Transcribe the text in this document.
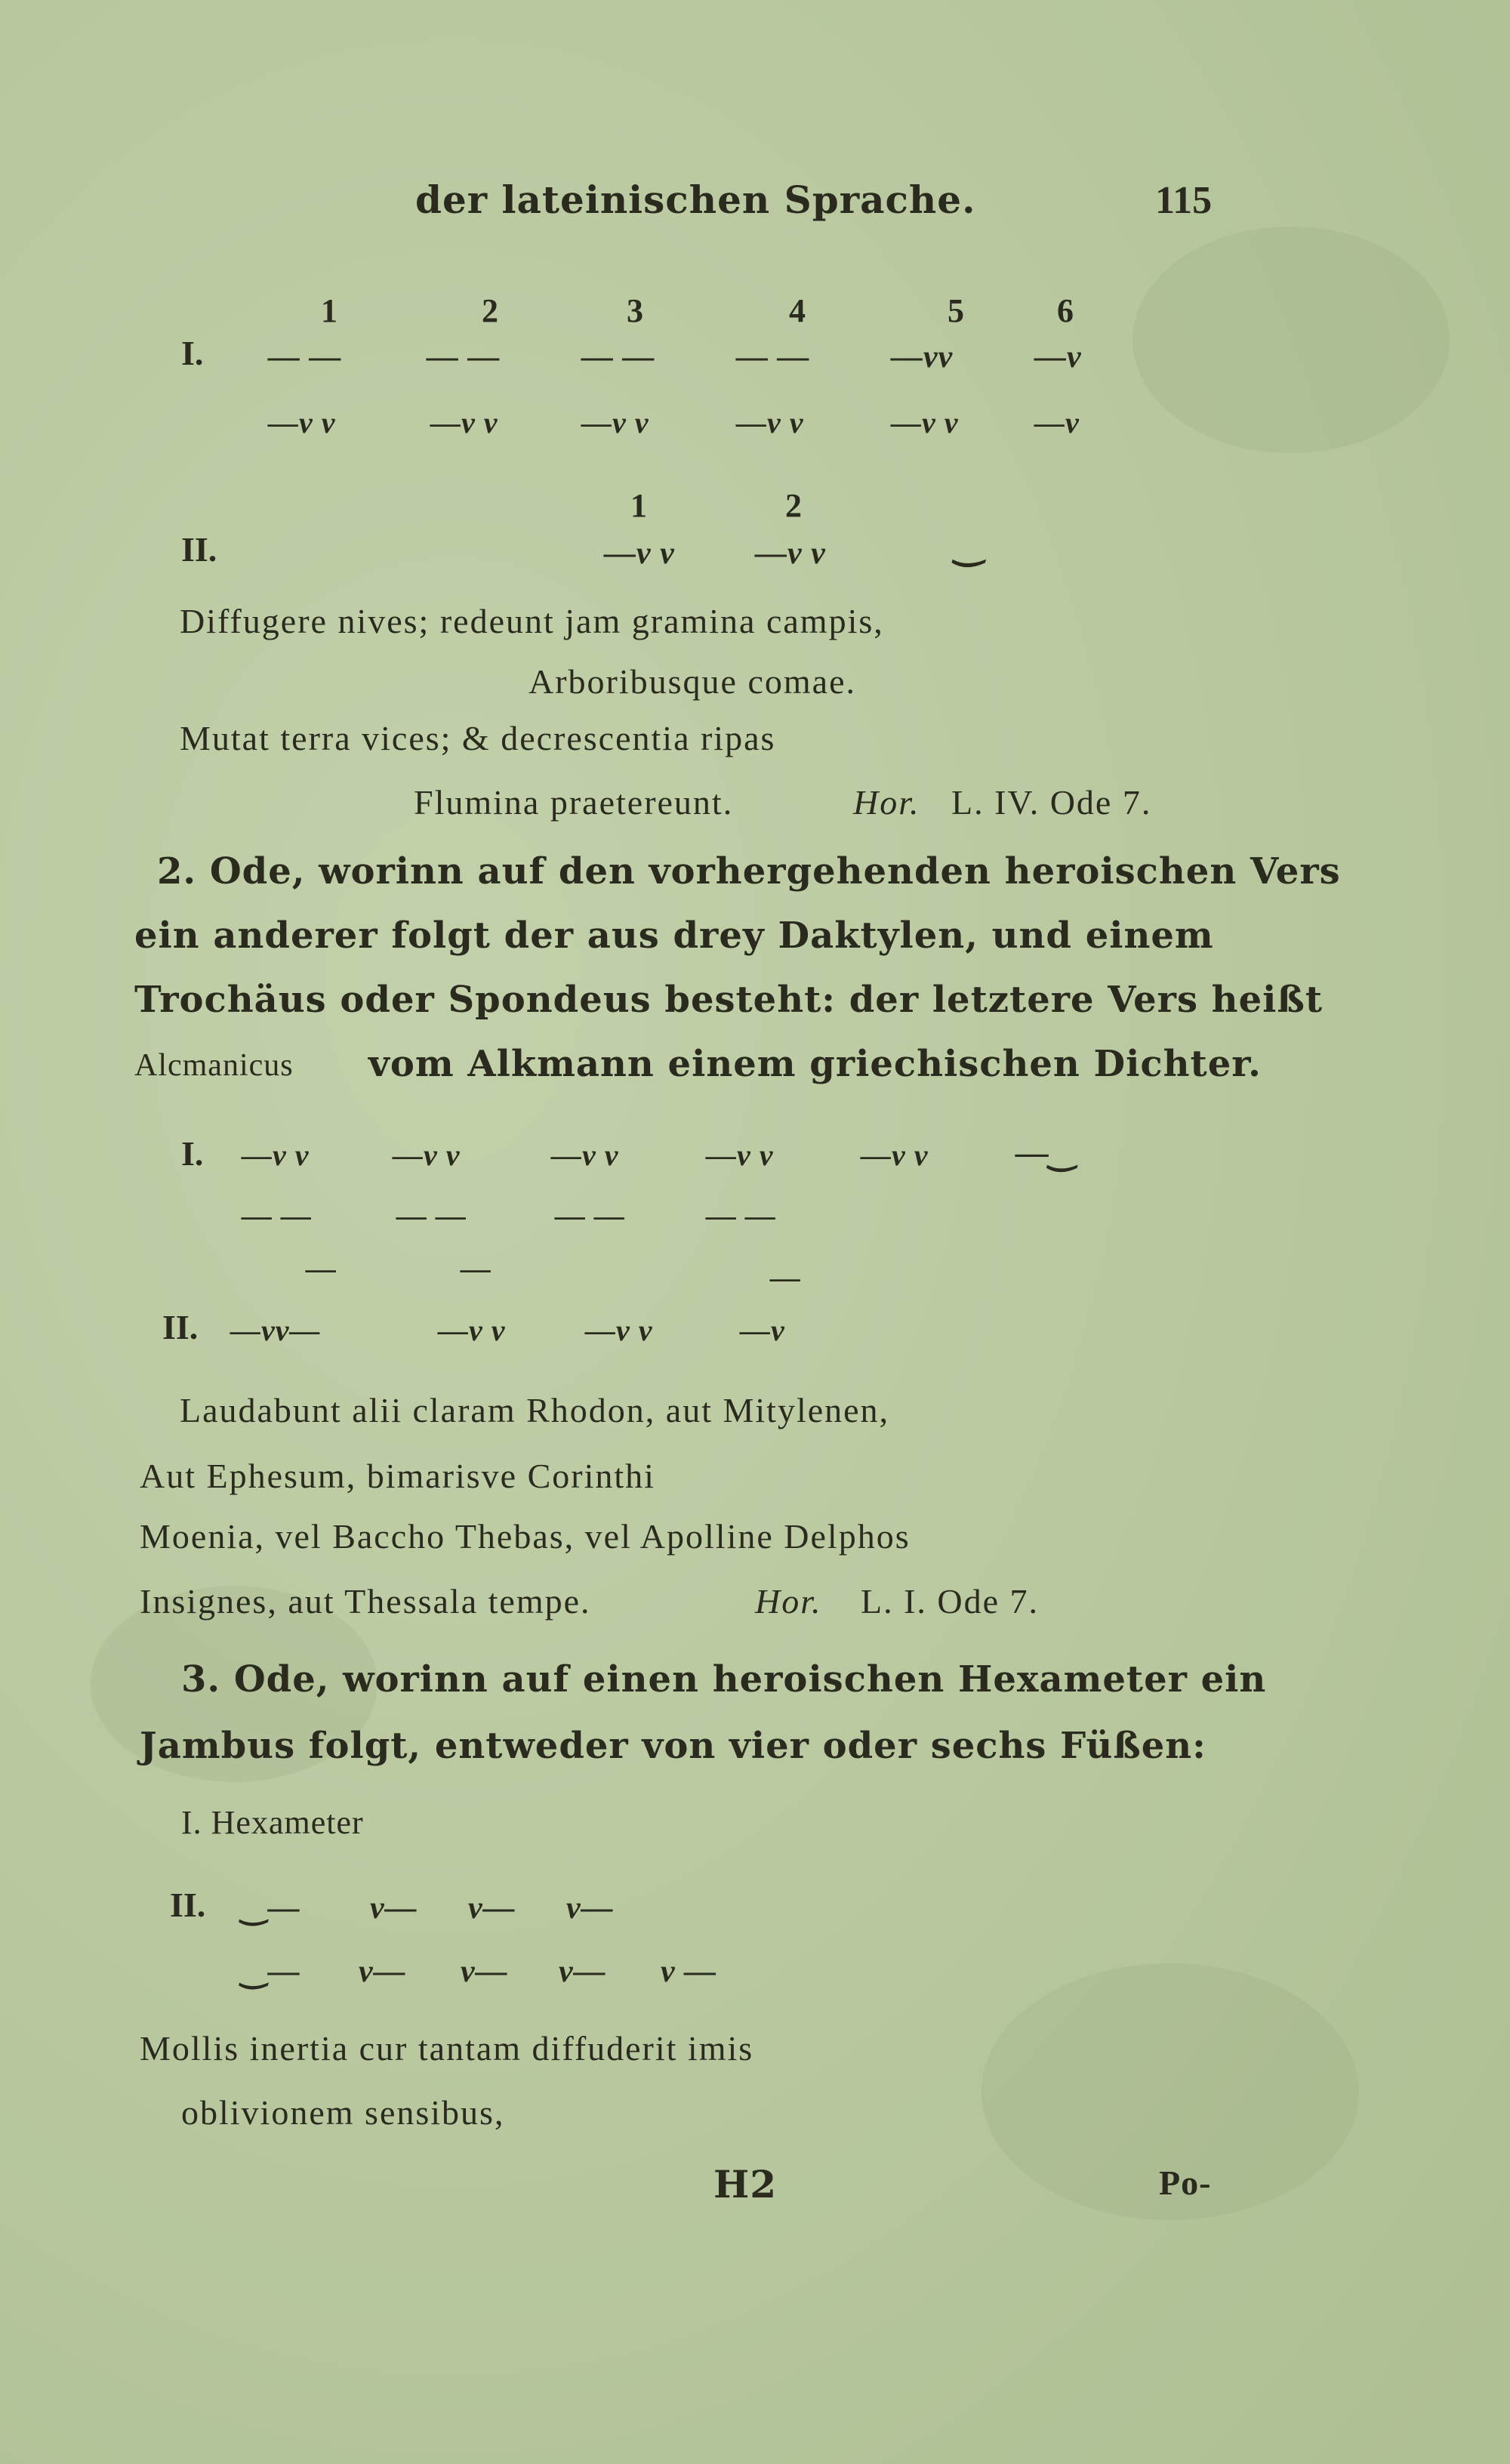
der lateinischen Sprache.	115
1	2	3	4	5	6
I. — —	— —	— —	— —	—vv	—v
—v v	—v v	—v v	—v v	—v v	—v
1	2
II.	—v v	—v v	‿
Diffugere nives; redeunt jam gramina campis,
Arboribusque comae.
Mutat terra vices; & decrescentia ripas
Flumina praetereunt.	Hor. L. IV. Ode 7.
2. Ode, worinn auf den vorhergehenden heroischen Vers
ein anderer folgt der aus drey Daktylen, und einem
Trochäus oder Spondeus besteht: der letztere Vers heißt
Alcmanicus vom Alkmann einem griechischen Dichter.
I. —v v	—v v	—v v	—v v	—v v	—‿
— —	— —	— —	— —
—	—	—
II. —vv—	—v v	—v v	—v
Laudabunt alii claram Rhodon, aut Mitylenen,
Aut Ephesum, bimarisve Corinthi
Moenia, vel Baccho Thebas, vel Apolline Delphos
Insignes, aut Thessala tempe.	Hor. L. I. Ode 7.
3. Ode, worinn auf einen heroischen Hexameter ein
Jambus folgt, entweder von vier oder sechs Füßen:
I. Hexameter
II. ‿— v— v— v—
‿— v— v— v— v —
Mollis inertia cur tantam diffuderit imis
oblivionem sensibus,
H2	Po-
